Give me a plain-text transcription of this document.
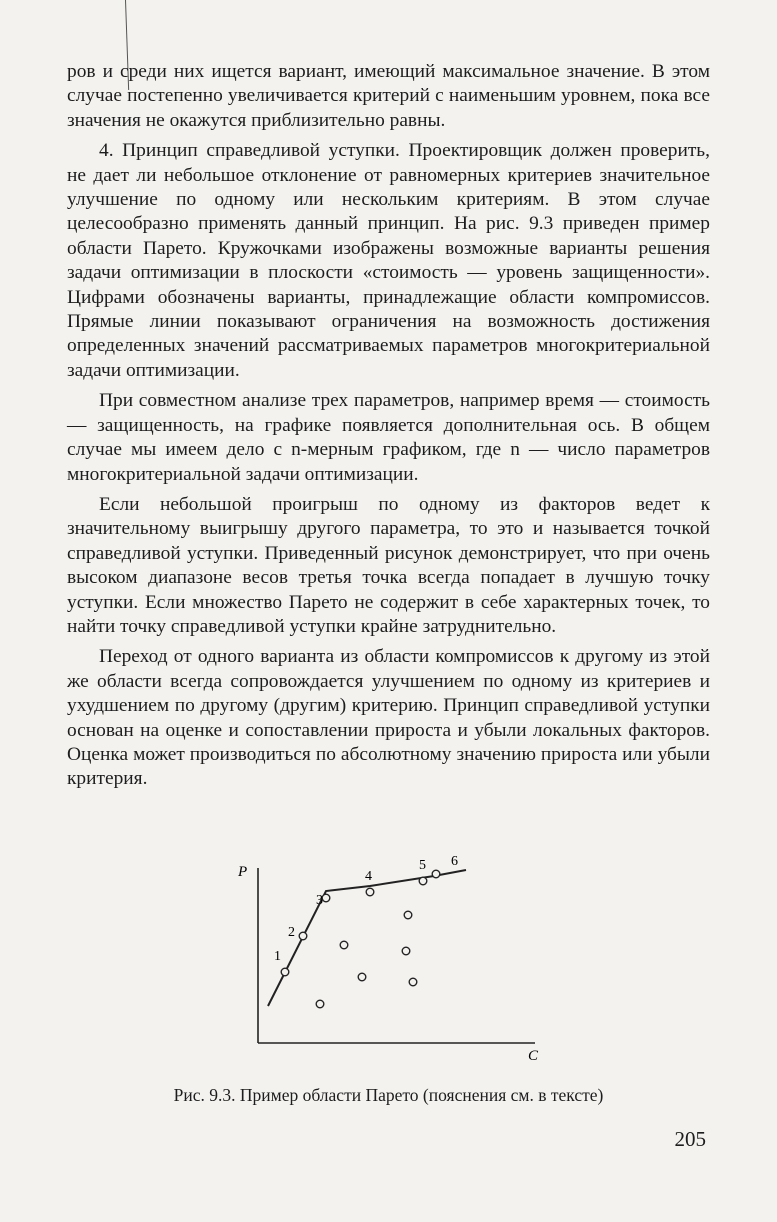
ров и среди них ищется вариант, имеющий максимальное значение. В этом случае постепенно увеличивается критерий с наименьшим уровнем, пока все значения не окажутся приблизительно равны.

4. Принцип справедливой уступки. Проектировщик должен проверить, не дает ли небольшое отклонение от равномерных критериев значительное улучшение по одному или нескольким критериям. В этом случае целесообразно применять данный принцип. На рис. 9.3 приведен пример области Парето. Кружочками изображены возможные варианты решения задачи оптимизации в плоскости «стоимость — уровень защищенности». Цифрами обозначены варианты, принадлежащие области компромиссов. Прямые линии показывают ограничения на возможность достижения определенных значений рассматриваемых параметров многокритериальной задачи оптимизации.

При совместном анализе трех параметров, например время — стоимость — защищенность, на графике появляется дополнительная ось. В общем случае мы имеем дело с n-мерным графиком, где n — число параметров многокритериальной задачи оптимизации.

Если небольшой проигрыш по одному из факторов ведет к значительному выигрышу другого параметра, то это и называется точкой справедливой уступки. Приведенный рисунок демонстрирует, что при очень высоком диапазоне весов третья точка всегда попадает в лучшую точку уступки. Если множество Парето не содержит в себе характерных точек, то найти точку справедливой уступки крайне затруднительно.

Переход от одного варианта из области компромиссов к другому из этой же области всегда сопровождается улучшением по одному из критериев и ухудшением по другому (другим) критерию. Принцип справедливой уступки основан на оценке и сопоставлении прироста и убыли локальных факторов. Оценка может производиться по абсолютному значению прироста или убыли критерия.

P
C
1
2
3
4
5 6
Рис. 9.3. Пример области Парето (пояснения см. в тексте)
205
